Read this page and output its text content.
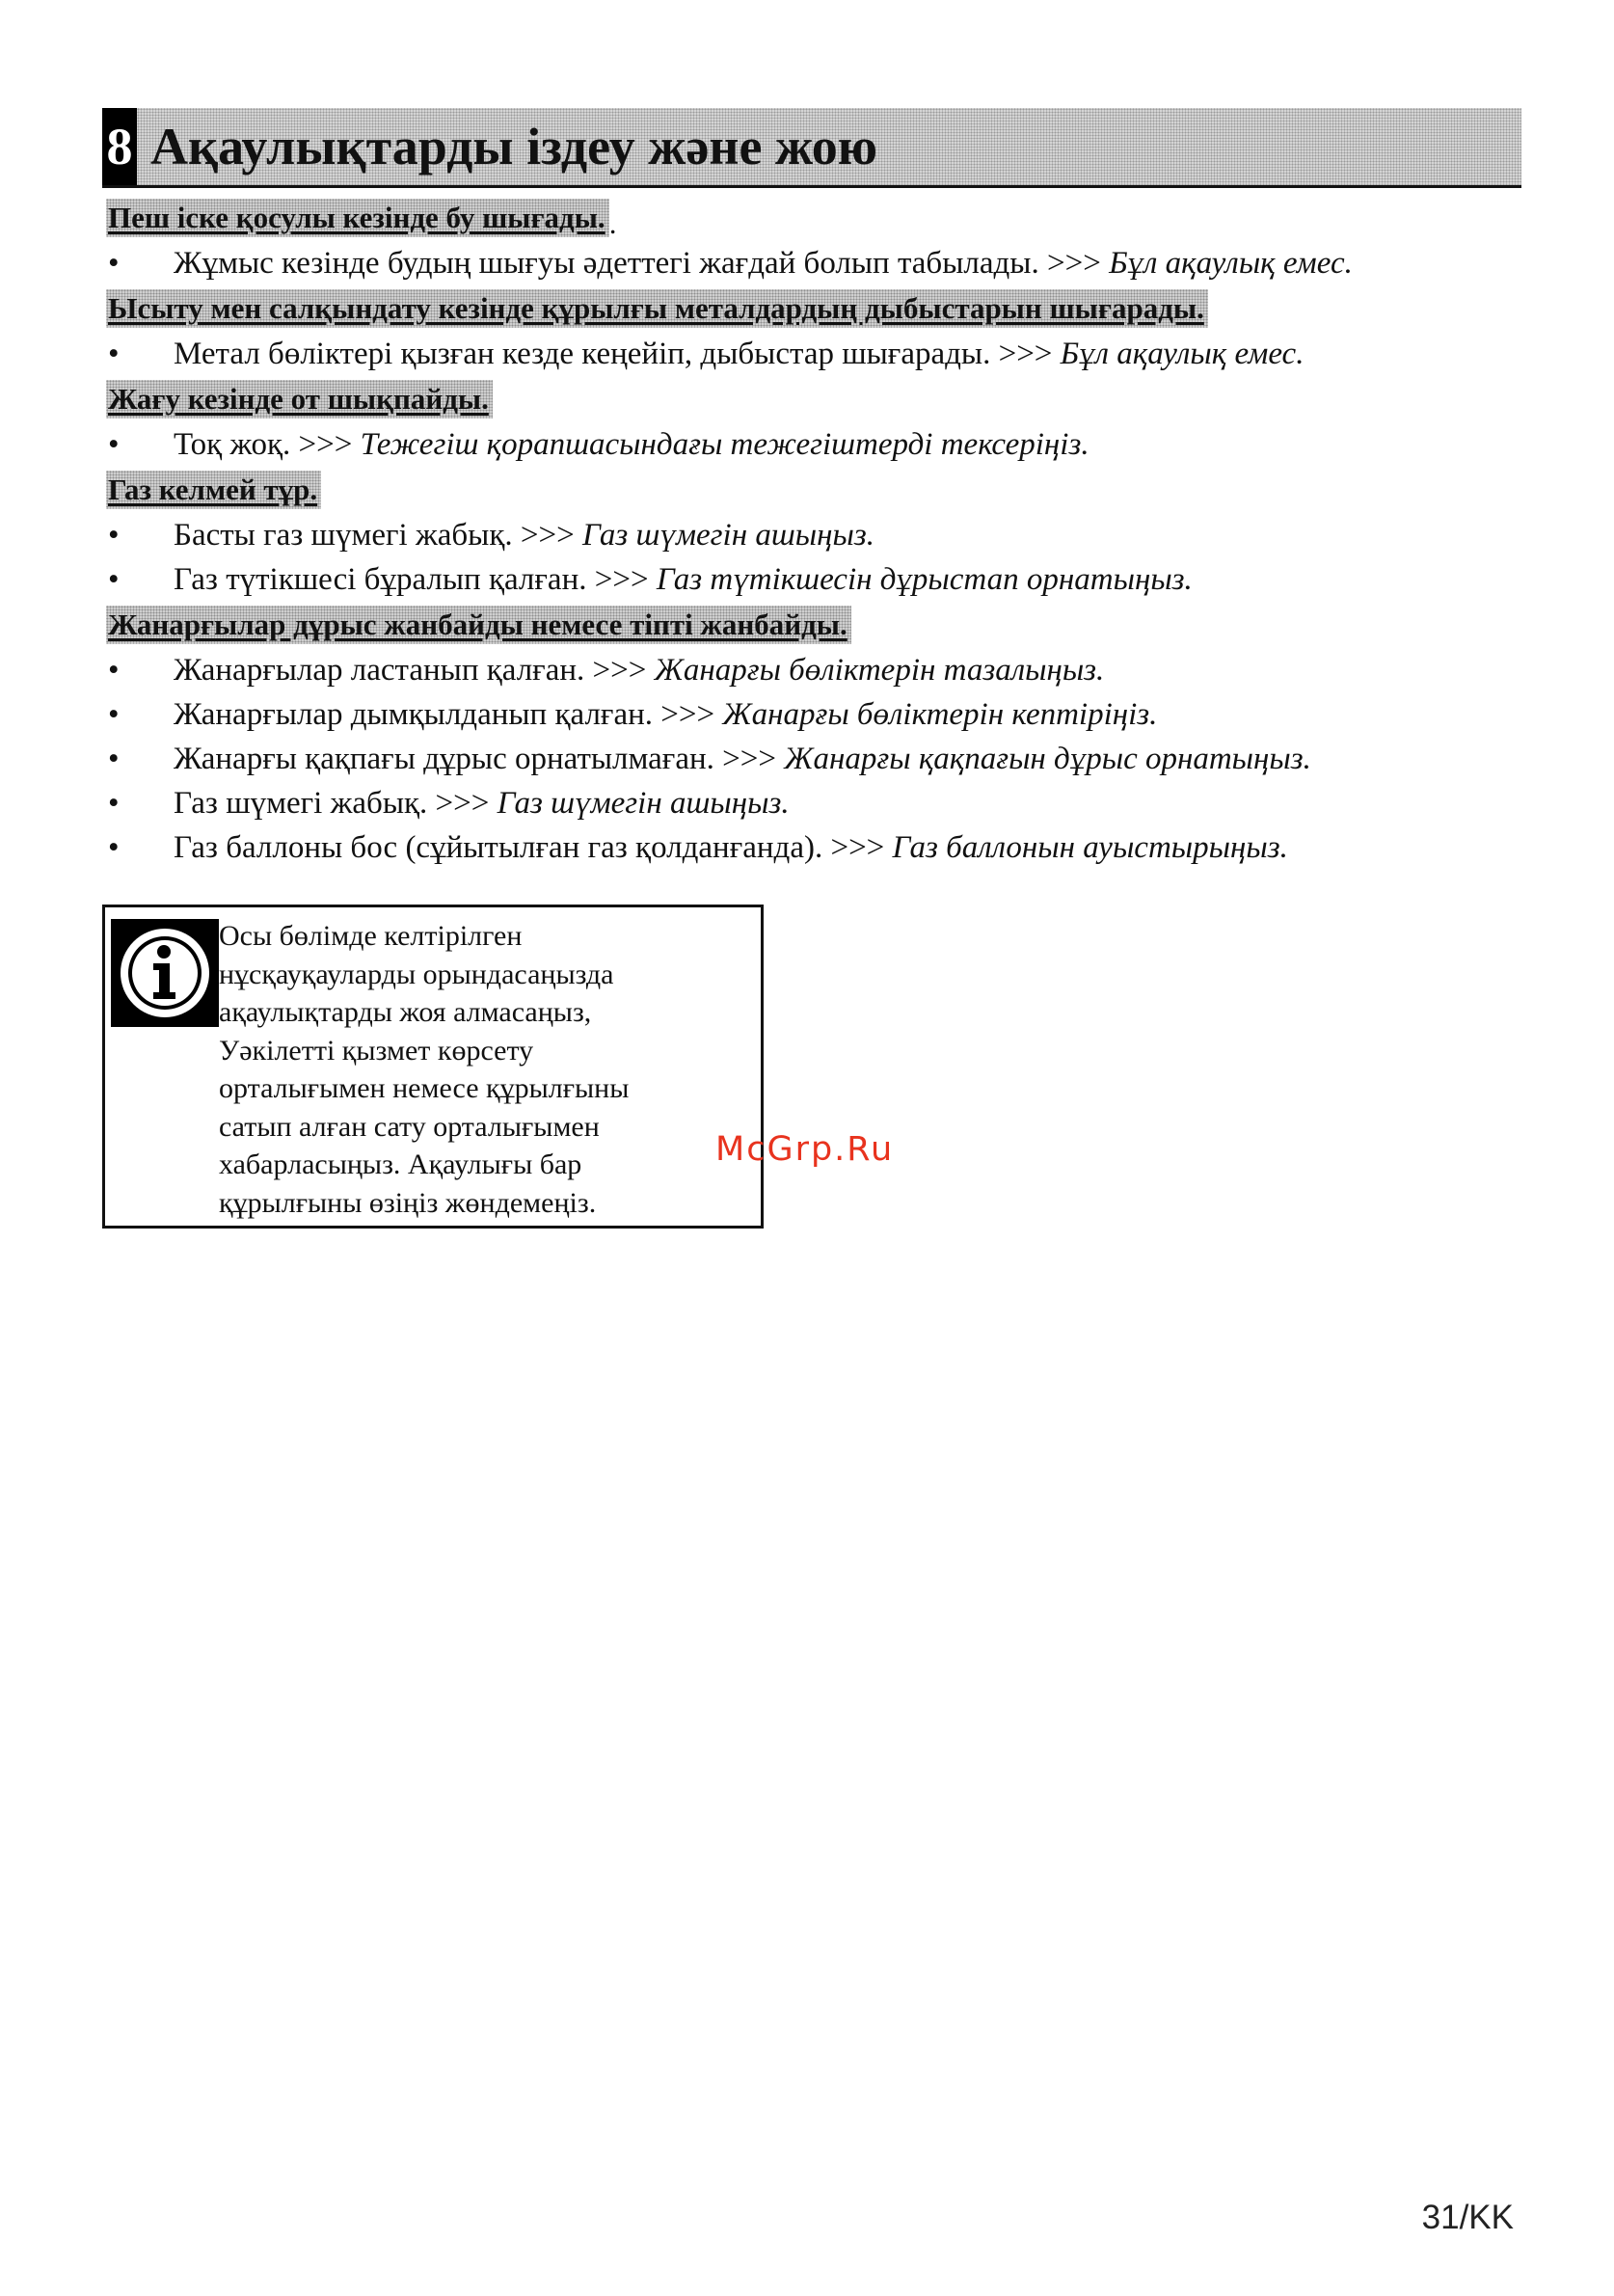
8 Ақаулықтарды іздеу және жою
Пеш іске қосулы кезінде бу шығады. .
• Жұмыс кезінде будың шығуы әдеттегі жағдай болып табылады. >>> Бұл ақаулық емес.
Ысыту мен салқындату кезінде құрылғы металдардың дыбыстарын шығарады.
• Метал бөліктері қызған кезде кеңейіп, дыбыстар шығарады. >>> Бұл ақаулық емес.
Жағу кезінде от шықпайды.
• Тоқ жоқ. >>> Тежегіш қорапшасындағы тежегіштерді тексеріңіз.
Газ келмей тұр.
• Басты газ шүмегі жабық. >>> Газ шүмегін ашыңыз.
• Газ түтікшесі бұралып қалған. >>> Газ түтікшесін дұрыстап орнатыңыз.
Жанарғылар дұрыс жанбайды немесе тіпті жанбайды.
• Жанарғылар ластанып қалған. >>> Жанарғы бөліктерін тазалыңыз.
• Жанарғылар дымқылданып қалған. >>> Жанарғы бөліктерін кептіріңіз.
• Жанарғы қақпағы дұрыс орнатылмаған. >>> Жанарғы қақпағын дұрыс орнатыңыз.
• Газ шүмегі жабық. >>> Газ шүмегін ашыңыз.
• Газ баллоны бос (сұйытылған газ қолданғанда). >>> Газ баллонын ауыстырыңыз.
Осы бөлімде келтірілген
нұсқауқауларды орындасаңызда
ақаулықтарды жоя алмасаңыз,
Уәкілетті қызмет көрсету
орталығымен немесе құрылғыны
сатып алған сату орталығымен
хабарласыңыз. Ақаулығы бар
құрылғыны өзіңіз жөндемеңіз.
McGrp.Ru
31/KK
